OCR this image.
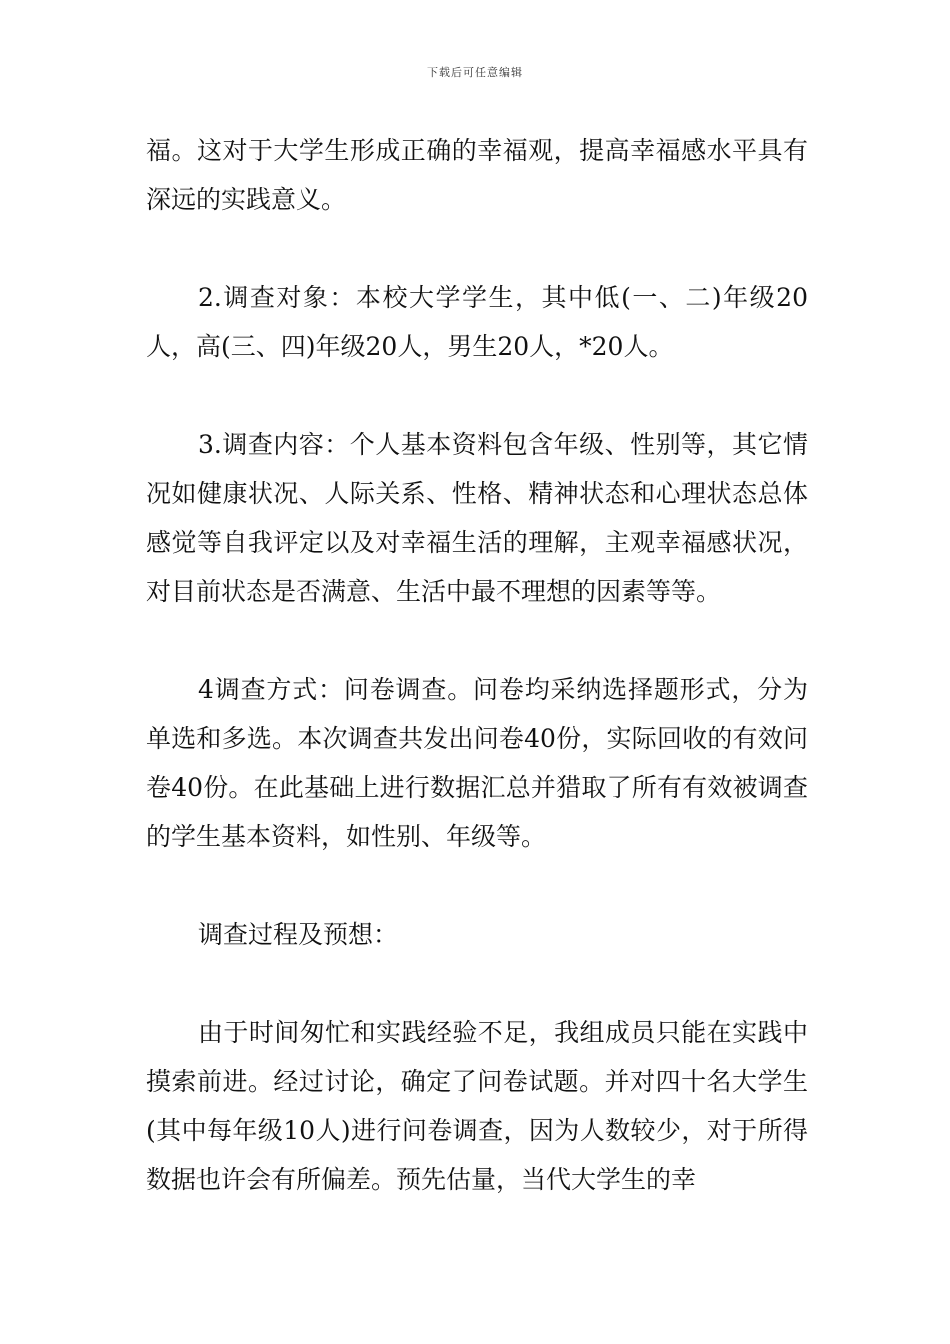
下载后可任意编辑

福。这对于大学生形成正确的幸福观，提高幸福感水平具有深远的实践意义。

2.调查对象：本校大学学生，其中低(一、二)年级20人，高(三、四)年级20人，男生20人，*20人。

3.调查内容：个人基本资料包含年级、性别等，其它情况如健康状况、人际关系、性格、精神状态和心理状态总体感觉等自我评定以及对幸福生活的理解，主观幸福感状况，对目前状态是否满意、生活中最不理想的因素等等。

4调查方式：问卷调查。问卷均采纳选择题形式，分为单选和多选。本次调查共发出问卷40份，实际回收的有效问卷40份。在此基础上进行数据汇总并猎取了所有有效被调查的学生基本资料，如性别、年级等。

调查过程及预想：

由于时间匆忙和实践经验不足，我组成员只能在实践中摸索前进。经过讨论，确定了问卷试题。并对四十名大学生(其中每年级10人)进行问卷调查，因为人数较少，对于所得数据也许会有所偏差。预先估量，当代大学生的幸
